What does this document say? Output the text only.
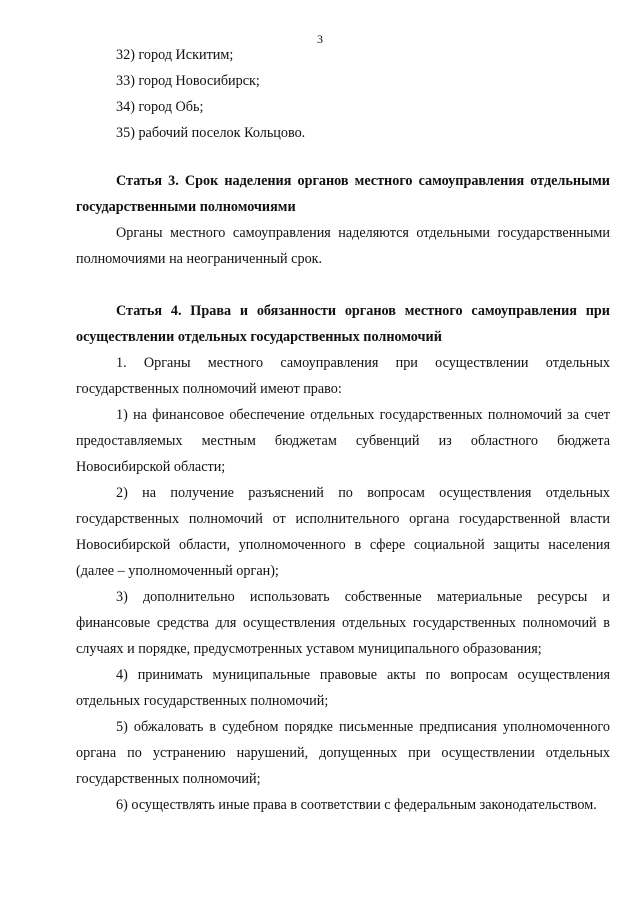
3

32) город Искитим;

33) город Новосибирск;

34) город Обь;

35) рабочий поселок Кольцово.

Статья 3. Срок наделения органов местного самоуправления отдельными государственными полномочиями

Органы местного самоуправления наделяются отдельными государственными полномочиями на неограниченный срок.

Статья 4. Права и обязанности органов местного самоуправления при осуществлении отдельных государственных полномочий

1. Органы местного самоуправления при осуществлении отдельных государственных полномочий имеют право:

1) на финансовое обеспечение отдельных государственных полномочий за счет предоставляемых местным бюджетам субвенций из областного бюджета Новосибирской области;

2) на получение разъяснений по вопросам осуществления отдельных государственных полномочий от исполнительного органа государственной власти Новосибирской области, уполномоченного в сфере социальной защиты населения (далее – уполномоченный орган);

3) дополнительно использовать собственные материальные ресурсы и финансовые средства для осуществления отдельных государственных полномочий в случаях и порядке, предусмотренных уставом муниципального образования;

4) принимать муниципальные правовые акты по вопросам осуществления отдельных государственных полномочий;

5) обжаловать в судебном порядке письменные предписания уполномоченного органа по устранению нарушений, допущенных при осуществлении отдельных государственных полномочий;

6) осуществлять иные права в соответствии с федеральным законодательством.
